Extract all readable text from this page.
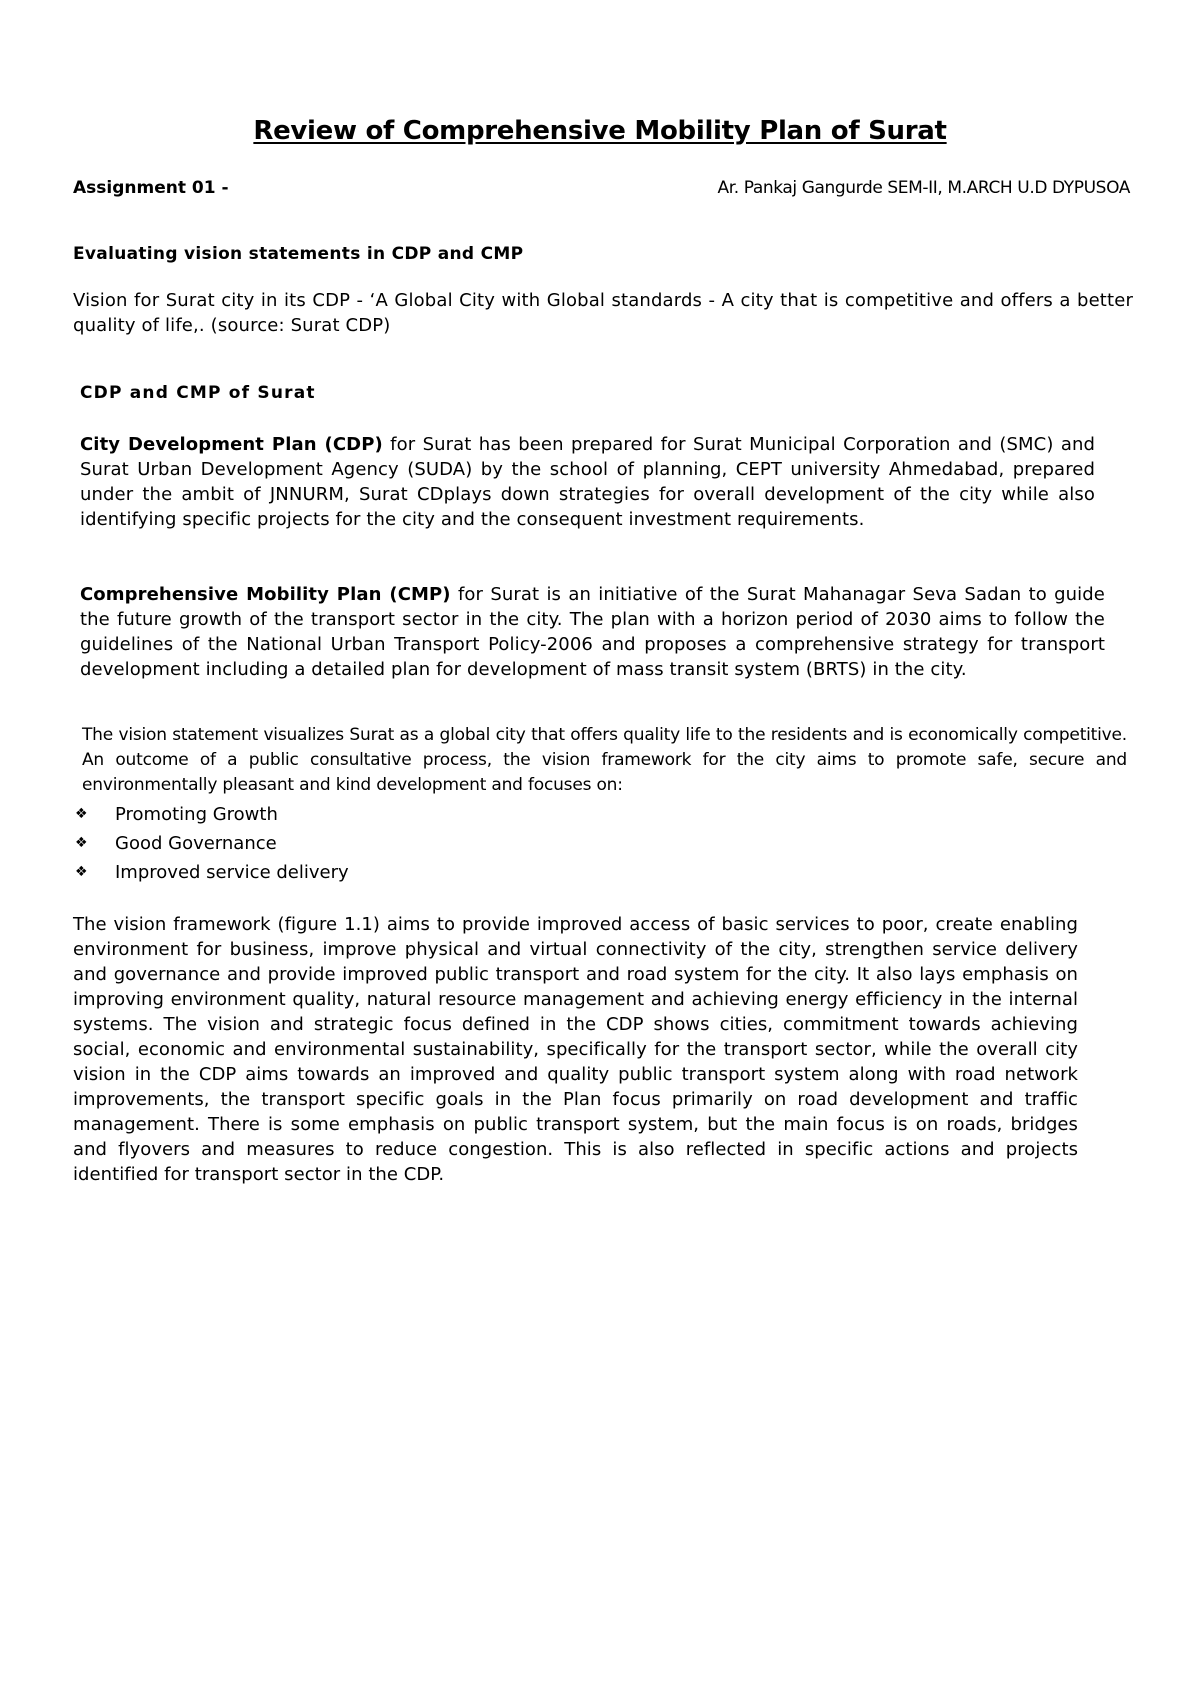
Review of Comprehensive Mobility Plan of Surat
Assignment 01 -	Ar. Pankaj Gangurde SEM-II, M.ARCH U.D DYPUSOA
Evaluating vision statements in CDP and CMP

Vision for Surat city in its CDP - ‘A Global City with Global standards - A city that is competitive and offers a better quality of life,. (source: Surat CDP)

CDP and CMP of Surat

City Development Plan (CDP) for Surat has been prepared for Surat Municipal Corporation and (SMC) and Surat Urban Development Agency (SUDA) by the school of planning, CEPT university Ahmedabad, prepared under the ambit of JNNURM, Surat CDplays down strategies for overall development of the city while also identifying specific projects for the city and the consequent investment requirements.

Comprehensive Mobility Plan (CMP) for Surat is an initiative of the Surat Mahanagar Seva Sadan to guide the future growth of the transport sector in the city. The plan with a horizon period of 2030 aims to follow the guidelines of the National Urban Transport Policy-2006 and proposes a comprehensive strategy for transport development including a detailed plan for development of mass transit system (BRTS) in the city.

The vision statement visualizes Surat as a global city that offers quality life to the residents and is economically competitive. An outcome of a public consultative process, the vision framework for the city aims to promote safe, secure and environmentally pleasant and kind development and focuses on:

❖ Promoting Growth
❖ Good Governance
❖ Improved service delivery

The vision framework (figure 1.1) aims to provide improved access of basic services to poor, create enabling environment for business, improve physical and virtual connectivity of the city, strengthen service delivery and governance and provide improved public transport and road system for the city. It also lays emphasis on improving environment quality, natural resource management and achieving energy efficiency in the internal systems. The vision and strategic focus defined in the CDP shows cities, commitment towards achieving social, economic and environmental sustainability, specifically for the transport sector, while the overall city vision in the CDP aims towards an improved and quality public transport system along with road network improvements, the transport specific goals in the Plan focus primarily on road development and traffic management. There is some emphasis on public transport system, but the main focus is on roads, bridges and flyovers and measures to reduce congestion. This is also reflected in specific actions and projects identified for transport sector in the CDP.
